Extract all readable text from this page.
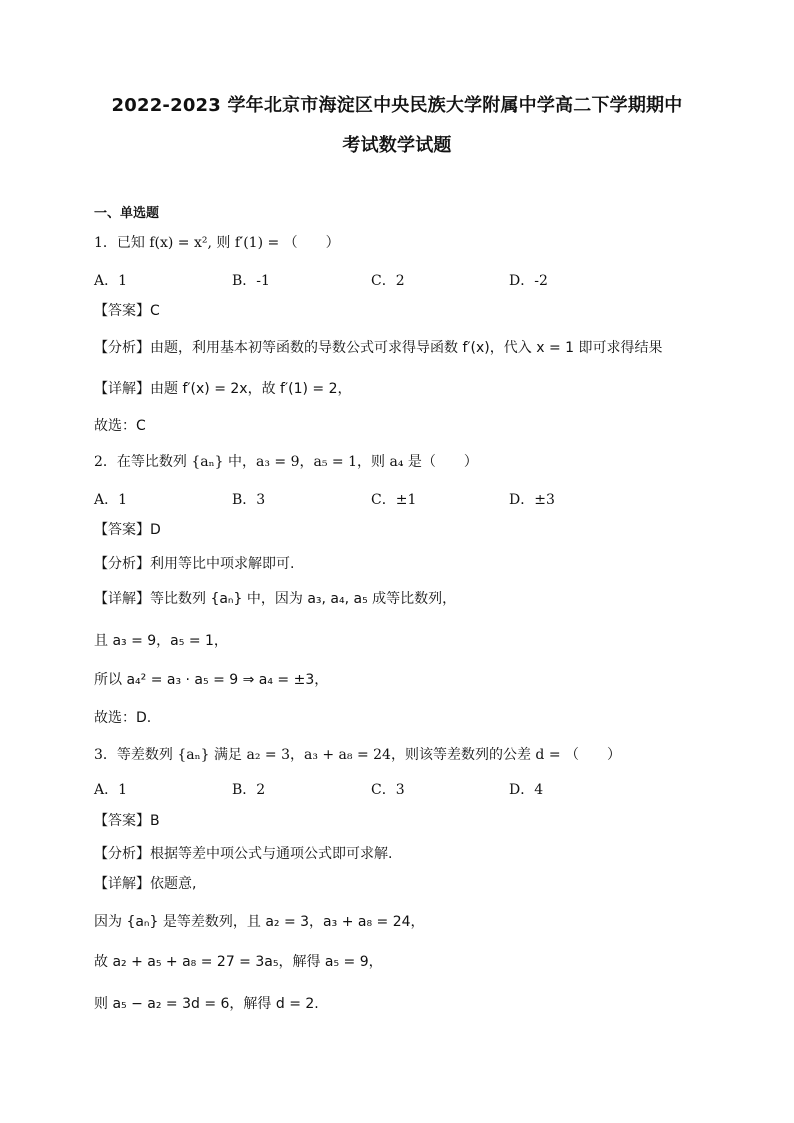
2022-2023 学年北京市海淀区中央民族大学附属中学高二下学期期中
考试数学试题
一、单选题
1．已知 f(x) = x², 则 f′(1) = （　　）
A．1	B．-1	C．2	D．-2
【答案】C
【分析】由题，利用基本初等函数的导数公式可求得导函数 f′(x)，代入 x = 1 即可求得结果
【详解】由题 f′(x) = 2x，故 f′(1) = 2，
故选：C
2．在等比数列 {aₙ} 中，a₃ = 9，a₅ = 1，则 a₄ 是（　　）
A．1	B．3	C．±1	D．±3
【答案】D
【分析】利用等比中项求解即可.
【详解】等比数列 {aₙ} 中，因为 a₃, a₄, a₅ 成等比数列，
且 a₃ = 9，a₅ = 1，
所以 a₄² = a₃ · a₅ = 9 ⇒ a₄ = ±3，
故选：D.
3．等差数列 {aₙ} 满足 a₂ = 3，a₃ + a₈ = 24，则该等差数列的公差 d = （　　）
A．1	B．2	C．3	D．4
【答案】B
【分析】根据等差中项公式与通项公式即可求解.
【详解】依题意,
因为 {aₙ} 是等差数列，且 a₂ = 3，a₃ + a₈ = 24，
故 a₂ + a₅ + a₈ = 27 = 3a₅，解得 a₅ = 9，
则 a₅ − a₂ = 3d = 6，解得 d = 2.
